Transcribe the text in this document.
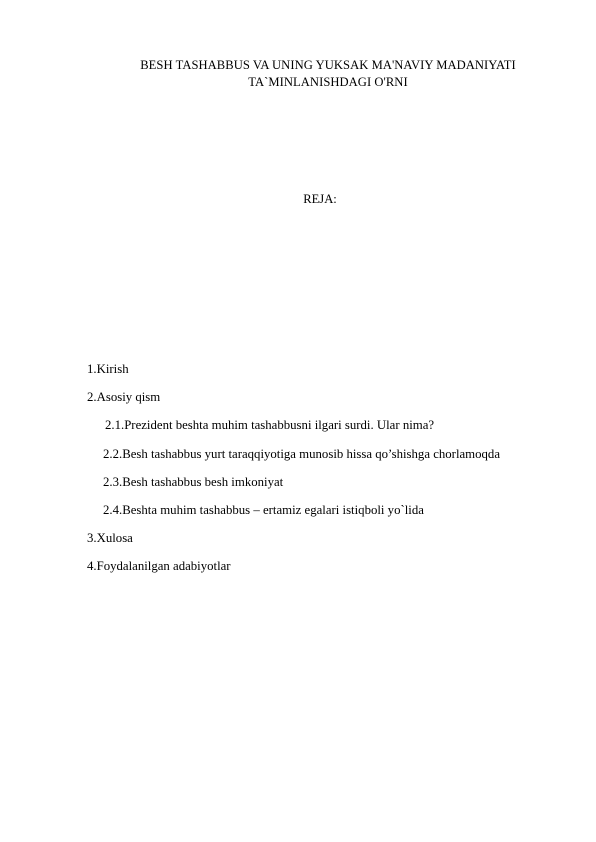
BESH TASHABBUS VA UNING YUKSAK MA'NAVIY MADANIYATI
TA`MINLANISHDAGI O'RNI
REJA:
1.Kirish
2.Asosiy qism
2.1.Prezident beshta muhim tashabbusni ilgari surdi. Ular nima?
2.2.Besh tashabbus yurt taraqqiyotiga munosib hissa qo’shishga chorlamoqda
2.3.Besh tashabbus besh imkoniyat
2.4.Beshta muhim tashabbus – ertamiz egalari istiqboli yo`lida
3.Xulosa
4.Foydalanilgan adabiyotlar
